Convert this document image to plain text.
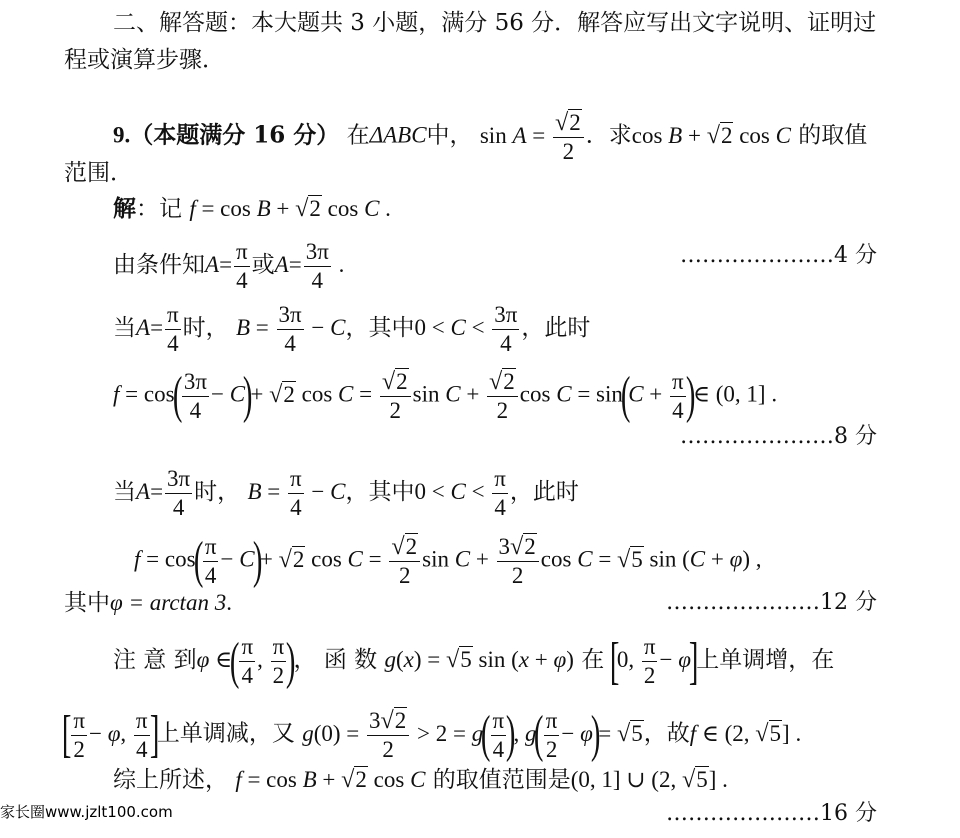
二、解答题：本大题共 3 小题，满分 56 分．解答应写出文字说明、证明过
程或演算步骤．
9.（本题满分 16 分） 在ΔABC中， $\sin A = \frac{√2}{2}$ ．求cos B + √2 cos C 的取值
范围．
解：记 f = cos B + √2 cos C .
由条件知$A= \frac{\pi}{4}$ 或$A= \frac{3\pi}{4}$ .	…………………4 分
当$A= \frac{\pi}{4}$ 时， $B = \frac{3\pi}{4} - C$，其中$0 < C < \frac{3\pi}{4}$ ，此时
$f = \cos( \frac{3\pi}{4} - C)+ √2$ $\cos C = \frac{√2}{2}$ $\sin C + \frac{√2}{2}$ $\cos C = \sin(C + \frac{\pi}{4}$ )∈ (0, 1] .
…………………8 分
当$A= \frac{3\pi}{4}$ 时， $B = \frac{\pi}{4} - C$，其中$0 < C < \frac{\pi}{4}$ ，此时
$f = \cos( \frac{\pi}{4} - C)+ √2$ $\cos C = \frac{√2}{2}$ $\sin C + \frac{3√2}{2}$ cos C = √5 sin (C + φ) ,
其中φ = arctan 3.	…………………12 分
注 意 到φ ∈( $\frac{\pi}{4}$ , $\frac{\pi}{2}$ )， 函 数 g(x) = √5 sin (x + φ) 在 [0, $\frac{\pi}{2} - \varphi$]上单调增，在
[ $\frac{\pi}{2} - \varphi$, $\frac{\pi}{4}$ ]上单调减，又 $g(0) = \frac{3√2}{2} > 2 = g( \frac{\pi}{4}$ ), $g( \frac{\pi}{2} - \varphi)= √5$，故f ∈ (2, √5] .
综上所述， f = cos B + √2 cos C 的取值范围是(0, 1] ∪ (2, √5] .
家长圈www.jzlt100.com	…………………16 分
